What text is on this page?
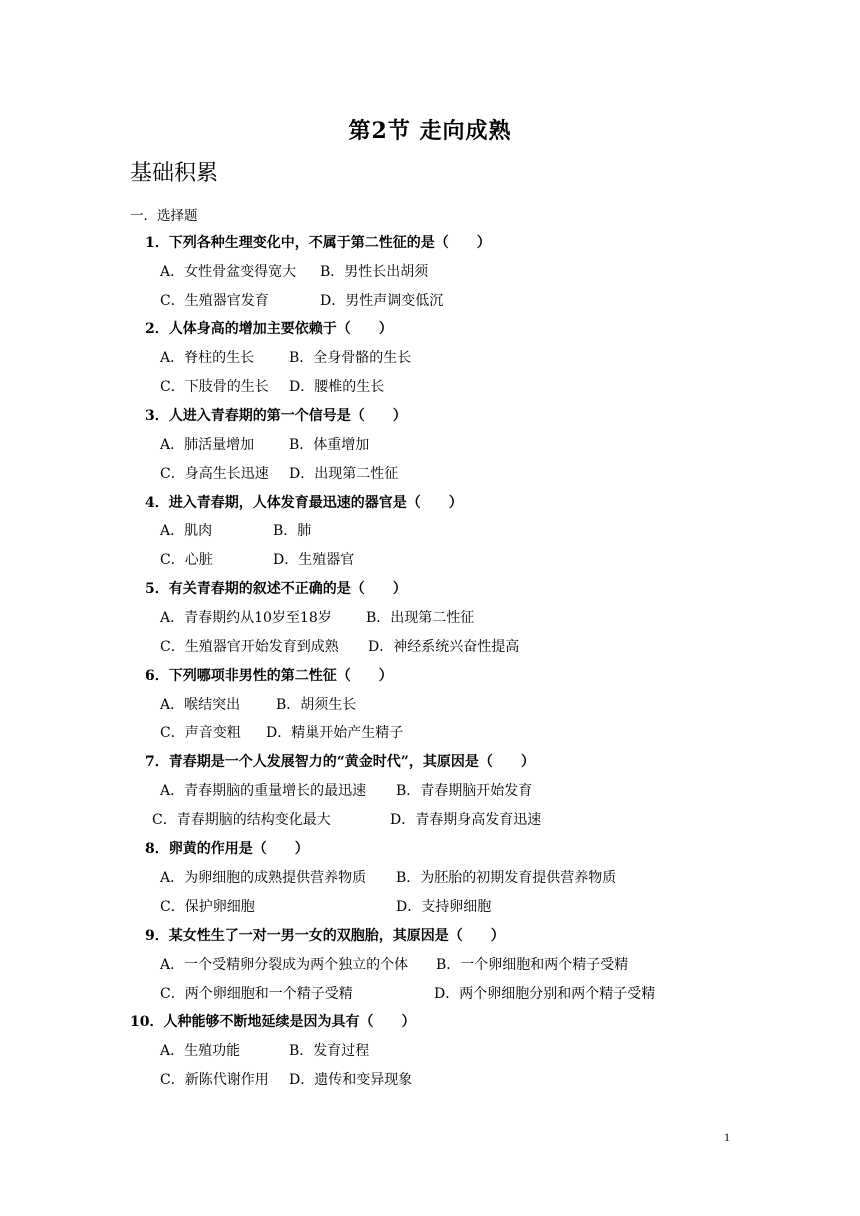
第2节 走向成熟
基础积累
一．选择题
1．下列各种生理变化中，不属于第二性征的是（　　）
A．女性骨盆变得宽大 B．男性长出胡须
C．生殖器官发育	D．男性声调变低沉
2．人体身高的增加主要依赖于（　　）
A．脊柱的生长 B．全身骨骼的生长
C．下肢骨的生长 D．腰椎的生长
3．人进入青春期的第一个信号是（　　）
A．肺活量增加 B．体重增加
C．身高生长迅速 D．出现第二性征
4．进入青春期，人体发育最迅速的器官是（　　）
A．肌肉	B．肺
C．心脏	D．生殖器官
5．有关青春期的叙述不正确的是（　　）
A．青春期约从10岁至18岁 B．出现第二性征
C．生殖器官开始发育到成熟 D．神经系统兴奋性提高
6．下列哪项非男性的第二性征（　　）
A．喉结突出	B．胡须生长
C．声音变粗 D．精巢开始产生精子
7．青春期是一个人发展智力的“黄金时代”，其原因是（　　）
A．青春期脑的重量增长的最迅速 B．青春期脑开始发育
C．青春期脑的结构变化最大	D．青春期身高发育迅速
8．卵黄的作用是（　　）
A．为卵细胞的成熟提供营养物质 B．为胚胎的初期发育提供营养物质
C．保护卵细胞	D．支持卵细胞
9．某女性生了一对一男一女的双胞胎，其原因是（　　）
A．一个受精卵分裂成为两个独立的个体 B．一个卵细胞和两个精子受精
C．两个卵细胞和一个精子受精	D．两个卵细胞分别和两个精子受精
10．人种能够不断地延续是因为具有（　　）
A．生殖功能	B．发育过程
C．新陈代谢作用 D．遗传和变异现象
1
